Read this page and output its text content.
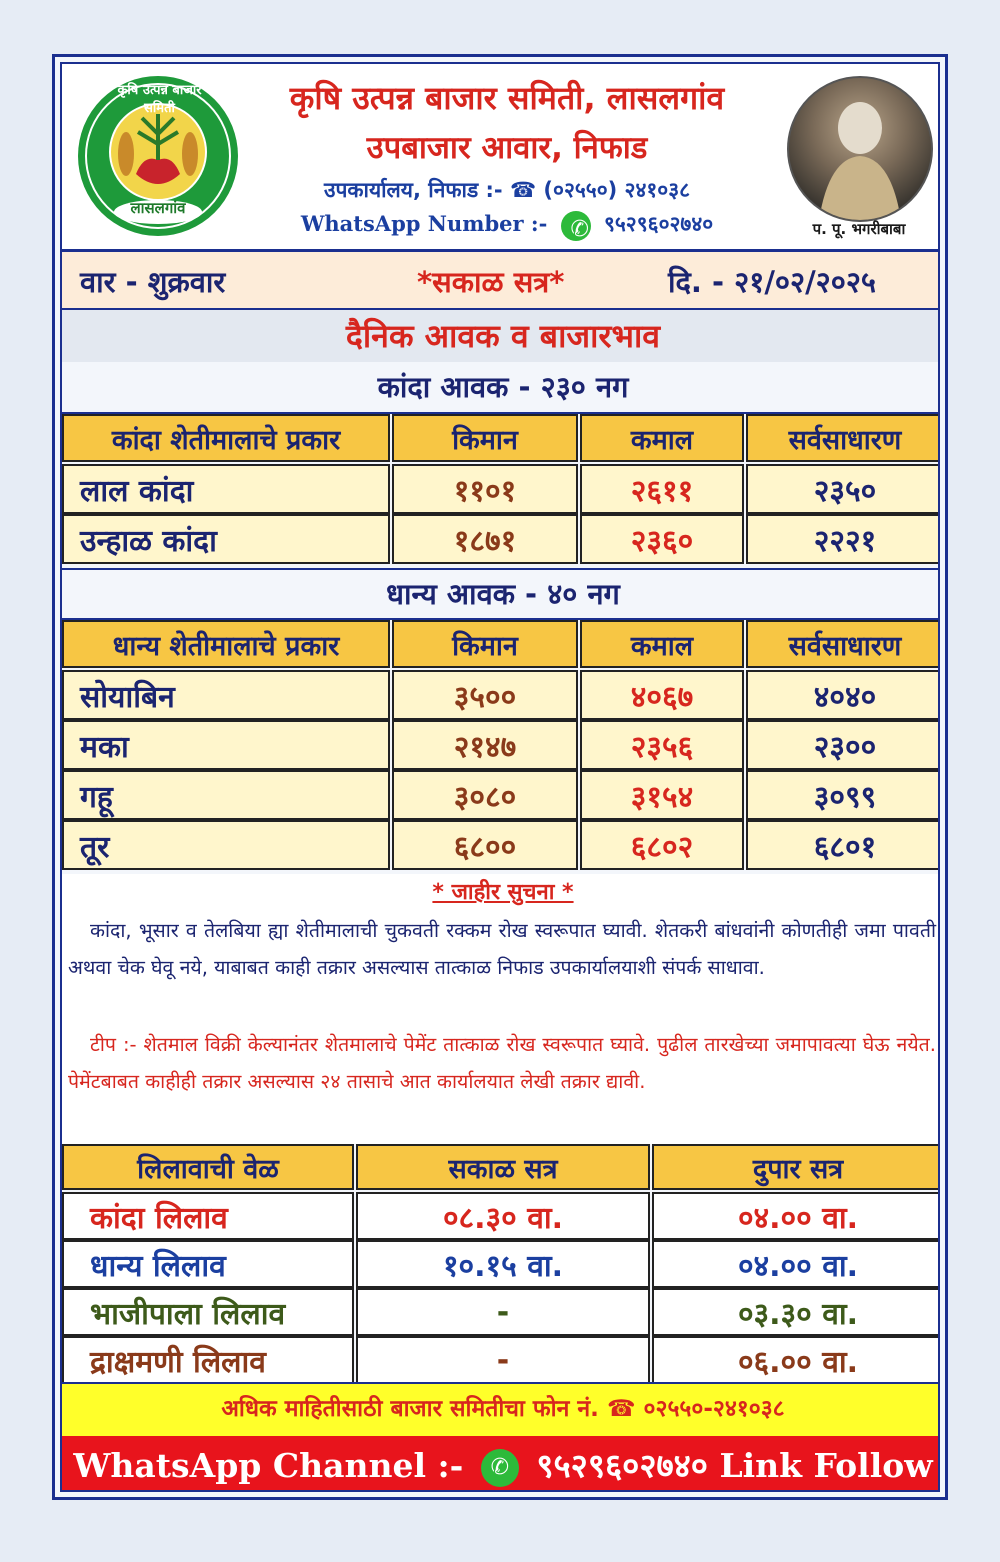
कृषि उत्पन्न बाजार समिती
लासलगांव
कृषि उत्पन्न बाजार समिती, लासलगांव
उपबाजार आवार, निफाड
उपकार्यालय, निफाड :- ☎ (०२५५०) २४१०३८
WhatsApp Number :- ✆	९५२९६०२७४०	प. पू. भगरीबाबा
वार - शुक्रवार	*सकाळ सत्र*	दि. - २१/०२/२०२५
दैनिक आवक व बाजारभाव
कांदा आवक - २३० नग
कांदा शेतीमालाचे प्रकार	किमान	कमाल	सर्वसाधारण
लाल कांदा	११०१	२६११	२३५०
उन्हाळ कांदा	१८७१	२३६०	२२२१
धान्य आवक - ४० नग
धान्य शेतीमालाचे प्रकार	किमान	कमाल	सर्वसाधारण
सोयाबिन	३५००	४०६७	४०४०
मका	२१४७	२३५६	२३००
गहू	३०८०	३१५४	३०९९
तूर	६८००	६८०२	६८०१
* जाहीर सुचना *

कांदा, भूसार व तेलबिया ह्या शेतीमालाची चुकवती रक्कम रोख स्वरूपात घ्यावी. शेतकरी बांधवांनी कोणतीही जमा पावती अथवा चेक घेवू नये, याबाबत काही तक्रार असल्यास तात्काळ निफाड उपकार्यालयाशी संपर्क साधावा.

टीप :- शेतमाल विक्री केल्यानंतर शेतमालाचे पेमेंट तात्काळ रोख स्वरूपात घ्यावे. पुढील तारखेच्या जमापावत्या घेऊ नयेत. पेमेंटबाबत काहीही तक्रार असल्यास २४ तासाचे आत कार्यालयात लेखी तक्रार द्यावी.

लिलावाची वेळ	सकाळ सत्र	दुपार सत्र
कांदा लिलाव	०८.३० वा.	०४.०० वा.
धान्य लिलाव	१०.१५ वा.	०४.०० वा.
भाजीपाला लिलाव	-	०३.३० वा.
द्राक्षमणी लिलाव	-	०६.०० वा.
अधिक माहितीसाठी बाजार समितीचा फोन नं. ☎ ०२५५०-२४१०३८
WhatsApp Channel :- ✆ ९५२९६०२७४० Link Follow
